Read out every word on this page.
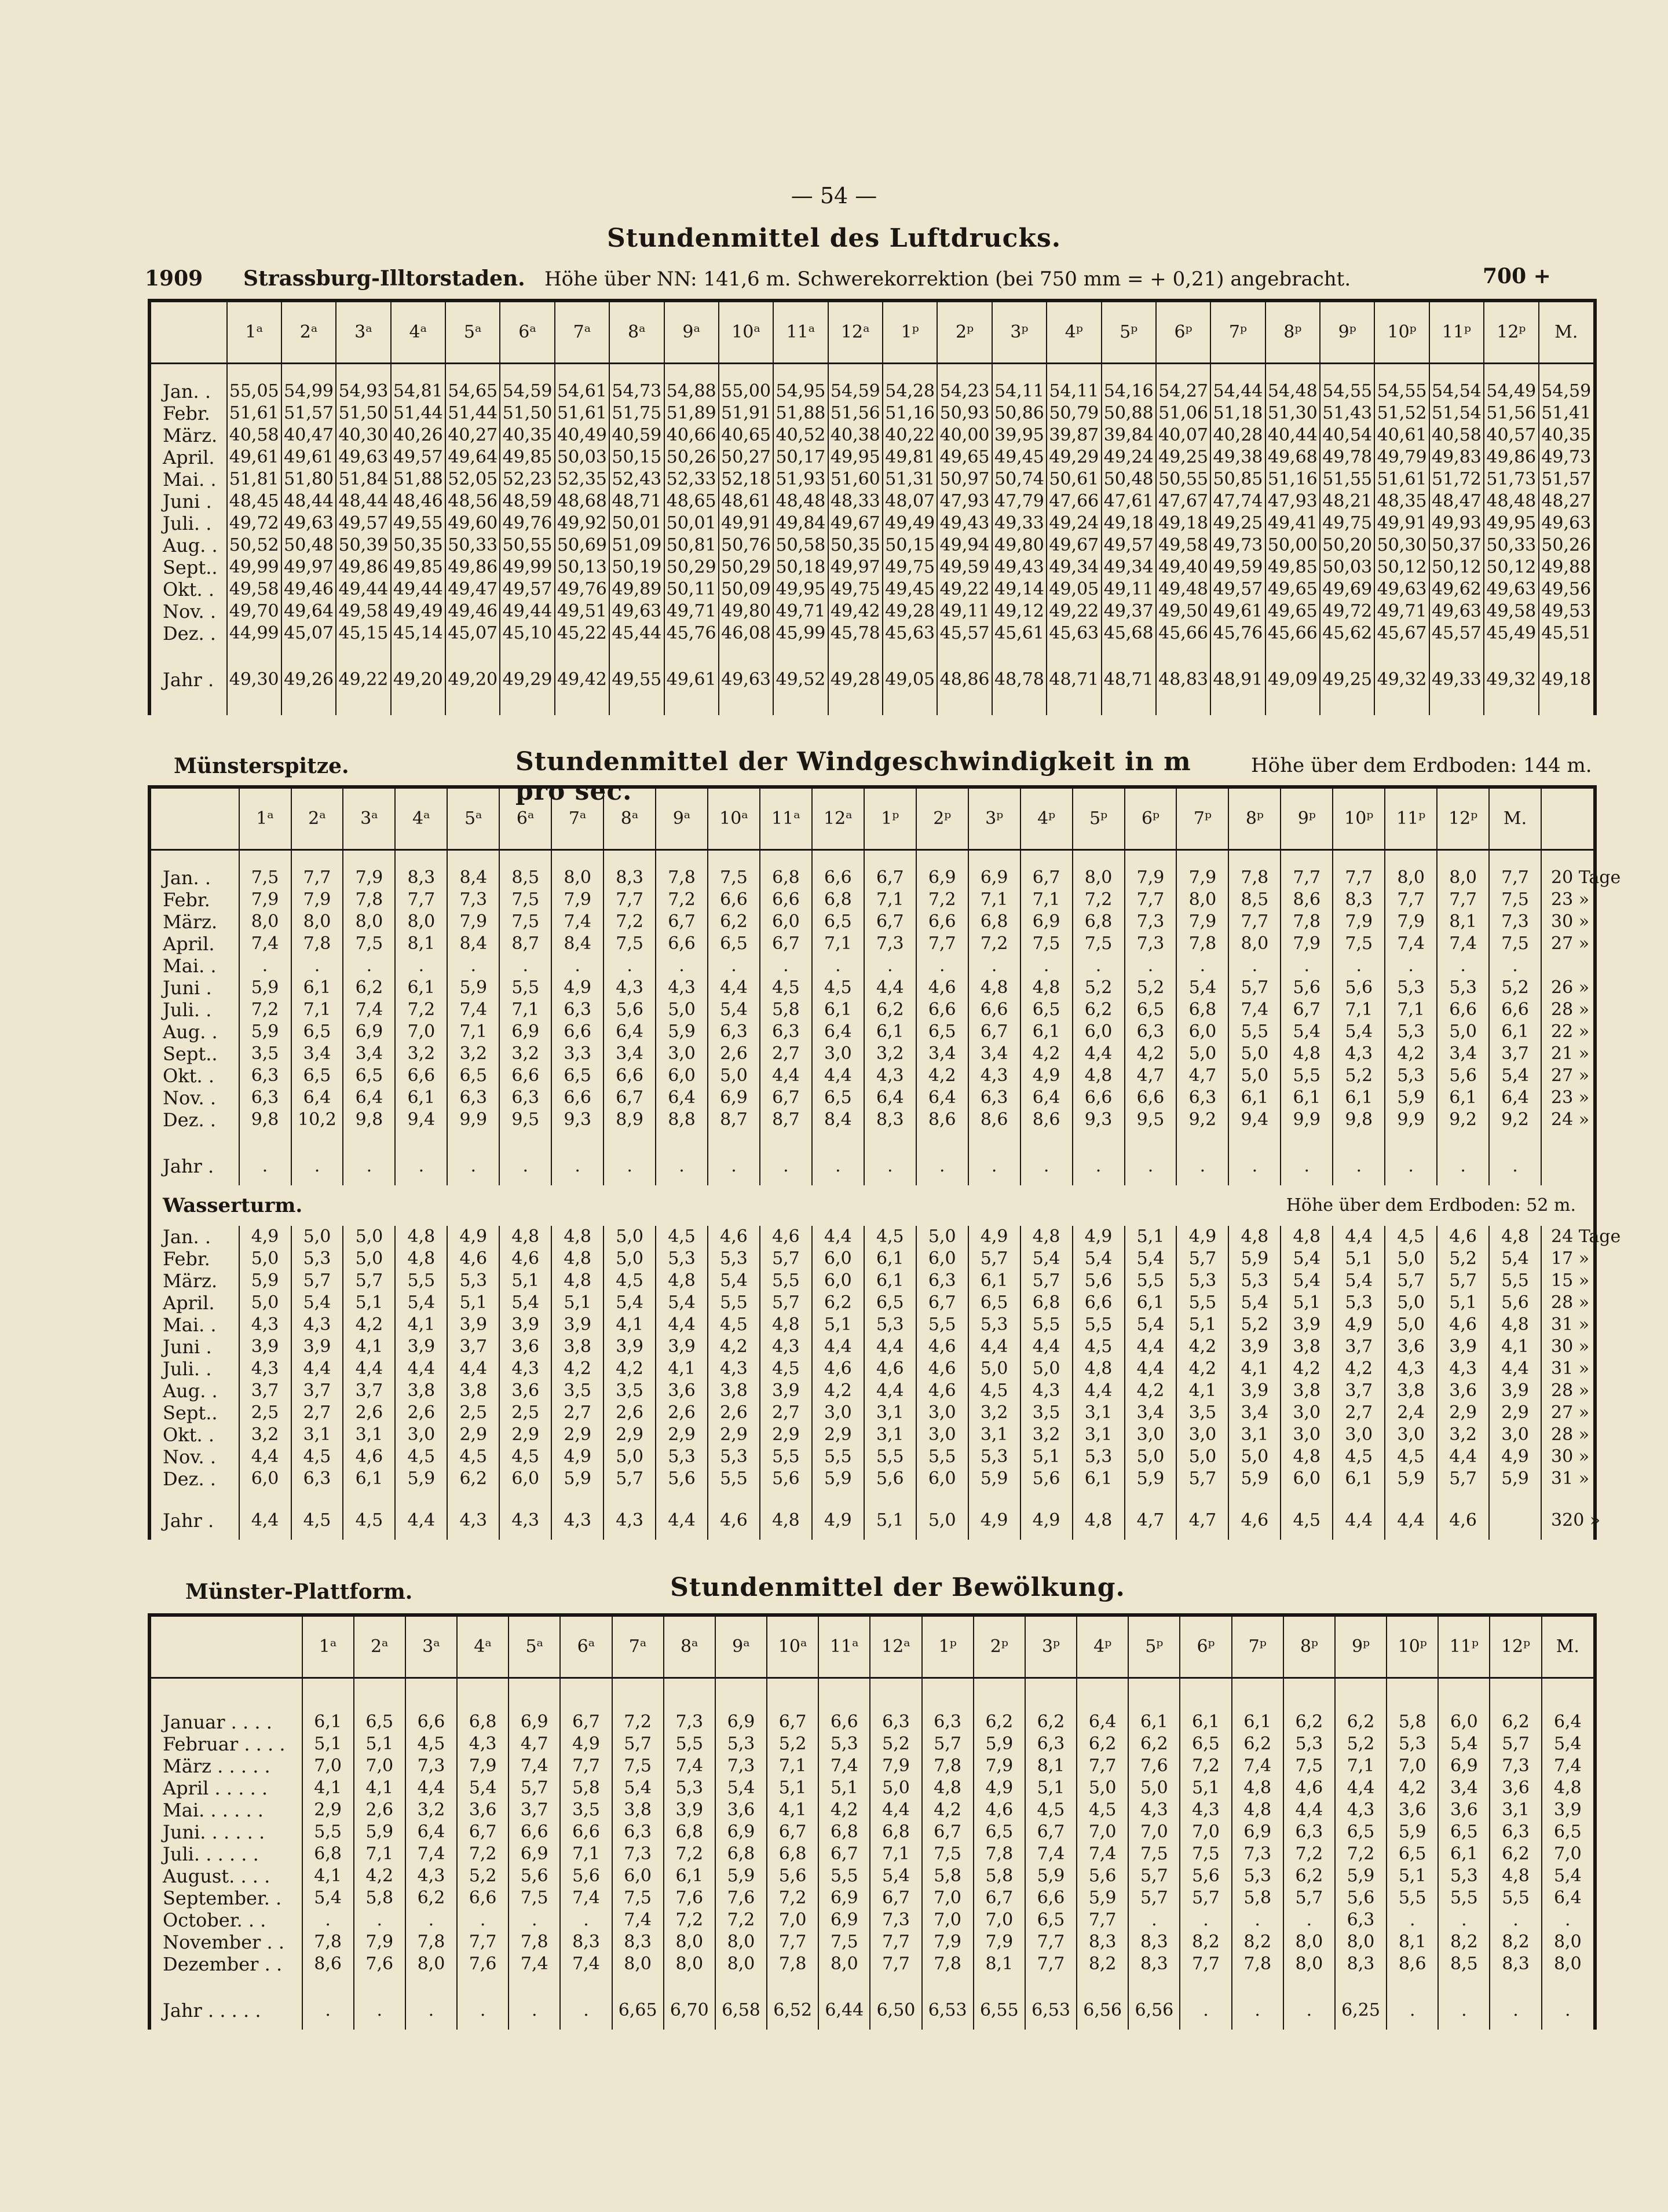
— 54 —
Stundenmittel des Luftdrucks.
1909 Strassburg-Illtorstaden. Höhe über NN: 141,6 m. Schwerekorrektion (bei 750 mm = + 0,21) angebracht.	700 +
	1ᵃ	2ᵃ	3ᵃ	4ᵃ	5ᵃ	6ᵃ	7ᵃ	8ᵃ	9ᵃ	10ᵃ	11ᵃ	12ᵃ	1ᵖ	2ᵖ	3ᵖ	4ᵖ	5ᵖ	6ᵖ	7ᵖ	8ᵖ	9ᵖ	10ᵖ	11ᵖ	12ᵖ	M.

Jan. .	55,05	54,99	54,93	54,81	54,65	54,59	54,61	54,73	54,88	55,00	54,95	54,59	54,28	54,23	54,11	54,11	54,16	54,27	54,44	54,48	54,55	54,55	54,54	54,49	54,59
Febr.	51,61	51,57	51,50	51,44	51,44	51,50	51,61	51,75	51,89	51,91	51,88	51,56	51,16	50,93	50,86	50,79	50,88	51,06	51,18	51,30	51,43	51,52	51,54	51,56	51,41
März.	40,58	40,47	40,30	40,26	40,27	40,35	40,49	40,59	40,66	40,65	40,52	40,38	40,22	40,00	39,95	39,87	39,84	40,07	40,28	40,44	40,54	40,61	40,58	40,57	40,35
April.	49,61	49,61	49,63	49,57	49,64	49,85	50,03	50,15	50,26	50,27	50,17	49,95	49,81	49,65	49,45	49,29	49,24	49,25	49,38	49,68	49,78	49,79	49,83	49,86	49,73
Mai. .	51,81	51,80	51,84	51,88	52,05	52,23	52,35	52,43	52,33	52,18	51,93	51,60	51,31	50,97	50,74	50,61	50,48	50,55	50,85	51,16	51,55	51,61	51,72	51,73	51,57
Juni .	48,45	48,44	48,44	48,46	48,56	48,59	48,68	48,71	48,65	48,61	48,48	48,33	48,07	47,93	47,79	47,66	47,61	47,67	47,74	47,93	48,21	48,35	48,47	48,48	48,27
Juli. .	49,72	49,63	49,57	49,55	49,60	49,76	49,92	50,01	50,01	49,91	49,84	49,67	49,49	49,43	49,33	49,24	49,18	49,18	49,25	49,41	49,75	49,91	49,93	49,95	49,63
Aug. .	50,52	50,48	50,39	50,35	50,33	50,55	50,69	51,09	50,81	50,76	50,58	50,35	50,15	49,94	49,80	49,67	49,57	49,58	49,73	50,00	50,20	50,30	50,37	50,33	50,26
Sept..	49,99	49,97	49,86	49,85	49,86	49,99	50,13	50,19	50,29	50,29	50,18	49,97	49,75	49,59	49,43	49,34	49,34	49,40	49,59	49,85	50,03	50,12	50,12	50,12	49,88
Okt. .	49,58	49,46	49,44	49,44	49,47	49,57	49,76	49,89	50,11	50,09	49,95	49,75	49,45	49,22	49,14	49,05	49,11	49,48	49,57	49,65	49,69	49,63	49,62	49,63	49,56
Nov. .	49,70	49,64	49,58	49,49	49,46	49,44	49,51	49,63	49,71	49,80	49,71	49,42	49,28	49,11	49,12	49,22	49,37	49,50	49,61	49,65	49,72	49,71	49,63	49,58	49,53
Dez. .	44,99	45,07	45,15	45,14	45,07	45,10	45,22	45,44	45,76	46,08	45,99	45,78	45,63	45,57	45,61	45,63	45,68	45,66	45,76	45,66	45,62	45,67	45,57	45,49	45,51

Jahr .	49,30	49,26	49,22	49,20	49,20	49,29	49,42	49,55	49,61	49,63	49,52	49,28	49,05	48,86	48,78	48,71	48,71	48,83	48,91	49,09	49,25	49,32	49,33	49,32	49,18

Münsterspitze.	Stundenmittel der Windgeschwindigkeit in m pro sec.
Höhe über dem Erdboden: 144 m.
	1ᵃ	2ᵃ	3ᵃ	4ᵃ	5ᵃ	6ᵃ	7ᵃ	8ᵃ	9ᵃ	10ᵃ	11ᵃ	12ᵃ	1ᵖ	2ᵖ	3ᵖ	4ᵖ	5ᵖ	6ᵖ	7ᵖ	8ᵖ	9ᵖ	10ᵖ	11ᵖ	12ᵖ	M.	

Jan. .	7,5	7,7	7,9	8,3	8,4	8,5	8,0	8,3	7,8	7,5	6,8	6,6	6,7	6,9	6,9	6,7	8,0	7,9	7,9	7,8	7,7	7,7	8,0	8,0	7,7	20 Tage
Febr.	7,9	7,9	7,8	7,7	7,3	7,5	7,9	7,7	7,2	6,6	6,6	6,8	7,1	7,2	7,1	7,1	7,2	7,7	8,0	8,5	8,6	8,3	7,7	7,7	7,5	23 »
März.	8,0	8,0	8,0	8,0	7,9	7,5	7,4	7,2	6,7	6,2	6,0	6,5	6,7	6,6	6,8	6,9	6,8	7,3	7,9	7,7	7,8	7,9	7,9	8,1	7,3	30 »
April.	7,4	7,8	7,5	8,1	8,4	8,7	8,4	7,5	6,6	6,5	6,7	7,1	7,3	7,7	7,2	7,5	7,5	7,3	7,8	8,0	7,9	7,5	7,4	7,4	7,5	27 »
Mai. .	.	.	.	.	.	.	.	.	.	.	.	.	.	.	.	.	.	.	.	.	.	.	.	.	.	
Juni .	5,9	6,1	6,2	6,1	5,9	5,5	4,9	4,3	4,3	4,4	4,5	4,5	4,4	4,6	4,8	4,8	5,2	5,2	5,4	5,7	5,6	5,6	5,3	5,3	5,2	26 »
Juli. .	7,2	7,1	7,4	7,2	7,4	7,1	6,3	5,6	5,0	5,4	5,8	6,1	6,2	6,6	6,6	6,5	6,2	6,5	6,8	7,4	6,7	7,1	7,1	6,6	6,6	28 »
Aug. .	5,9	6,5	6,9	7,0	7,1	6,9	6,6	6,4	5,9	6,3	6,3	6,4	6,1	6,5	6,7	6,1	6,0	6,3	6,0	5,5	5,4	5,4	5,3	5,0	6,1	22 »
Sept..	3,5	3,4	3,4	3,2	3,2	3,2	3,3	3,4	3,0	2,6	2,7	3,0	3,2	3,4	3,4	4,2	4,4	4,2	5,0	5,0	4,8	4,3	4,2	3,4	3,7	21 »
Okt. .	6,3	6,5	6,5	6,6	6,5	6,6	6,5	6,6	6,0	5,0	4,4	4,4	4,3	4,2	4,3	4,9	4,8	4,7	4,7	5,0	5,5	5,2	5,3	5,6	5,4	27 »
Nov. .	6,3	6,4	6,4	6,1	6,3	6,3	6,6	6,7	6,4	6,9	6,7	6,5	6,4	6,4	6,3	6,4	6,6	6,6	6,3	6,1	6,1	6,1	5,9	6,1	6,4	23 »
Dez. .	9,8	10,2	9,8	9,4	9,9	9,5	9,3	8,9	8,8	8,7	8,7	8,4	8,3	8,6	8,6	8,6	9,3	9,5	9,2	9,4	9,9	9,8	9,9	9,2	9,2	24 »

Jahr .	.	.	.	.	.	.	.	.	.	.	.	.	.	.	.	.	.	.	.	.	.	.	.	.	.	
Wasserturm.										Höhe über dem Erdboden: 52 m.																
Jan. .	4,9	5,0	5,0	4,8	4,9	4,8	4,8	5,0	4,5	4,6	4,6	4,4	4,5	5,0	4,9	4,8	4,9	5,1	4,9	4,8	4,8	4,4	4,5	4,6	4,8	24 Tage
Febr.	5,0	5,3	5,0	4,8	4,6	4,6	4,8	5,0	5,3	5,3	5,7	6,0	6,1	6,0	5,7	5,4	5,4	5,4	5,7	5,9	5,4	5,1	5,0	5,2	5,4	17 »
März.	5,9	5,7	5,7	5,5	5,3	5,1	4,8	4,5	4,8	5,4	5,5	6,0	6,1	6,3	6,1	5,7	5,6	5,5	5,3	5,3	5,4	5,4	5,7	5,7	5,5	15 »
April.	5,0	5,4	5,1	5,4	5,1	5,4	5,1	5,4	5,4	5,5	5,7	6,2	6,5	6,7	6,5	6,8	6,6	6,1	5,5	5,4	5,1	5,3	5,0	5,1	5,6	28 »
Mai. .	4,3	4,3	4,2	4,1	3,9	3,9	3,9	4,1	4,4	4,5	4,8	5,1	5,3	5,5	5,3	5,5	5,5	5,4	5,1	5,2	3,9	4,9	5,0	4,6	4,8	31 »
Juni .	3,9	3,9	4,1	3,9	3,7	3,6	3,8	3,9	3,9	4,2	4,3	4,4	4,4	4,6	4,4	4,4	4,5	4,4	4,2	3,9	3,8	3,7	3,6	3,9	4,1	30 »
Juli. .	4,3	4,4	4,4	4,4	4,4	4,3	4,2	4,2	4,1	4,3	4,5	4,6	4,6	4,6	5,0	5,0	4,8	4,4	4,2	4,1	4,2	4,2	4,3	4,3	4,4	31 »
Aug. .	3,7	3,7	3,7	3,8	3,8	3,6	3,5	3,5	3,6	3,8	3,9	4,2	4,4	4,6	4,5	4,3	4,4	4,2	4,1	3,9	3,8	3,7	3,8	3,6	3,9	28 »
Sept..	2,5	2,7	2,6	2,6	2,5	2,5	2,7	2,6	2,6	2,6	2,7	3,0	3,1	3,0	3,2	3,5	3,1	3,4	3,5	3,4	3,0	2,7	2,4	2,9	2,9	27 »
Okt. .	3,2	3,1	3,1	3,0	2,9	2,9	2,9	2,9	2,9	2,9	2,9	2,9	3,1	3,0	3,1	3,2	3,1	3,0	3,0	3,1	3,0	3,0	3,0	3,2	3,0	28 »
Nov. .	4,4	4,5	4,6	4,5	4,5	4,5	4,9	5,0	5,3	5,3	5,5	5,5	5,5	5,5	5,3	5,1	5,3	5,0	5,0	5,0	4,8	4,5	4,5	4,4	4,9	30 »
Dez. .	6,0	6,3	6,1	5,9	6,2	6,0	5,9	5,7	5,6	5,5	5,6	5,9	5,6	6,0	5,9	5,6	6,1	5,9	5,7	5,9	6,0	6,1	5,9	5,7	5,9	31 »

Jahr .	4,4	4,5	4,5	4,4	4,3	4,3	4,3	4,3	4,4	4,6	4,8	4,9	5,1	5,0	4,9	4,9	4,8	4,7	4,7	4,6	4,5	4,4	4,4	4,6		320 »
Münster-Plattform.	Stundenmittel der Bewölkung.
	1ᵃ	2ᵃ	3ᵃ	4ᵃ	5ᵃ	6ᵃ	7ᵃ	8ᵃ	9ᵃ	10ᵃ	11ᵃ	12ᵃ	1ᵖ	2ᵖ	3ᵖ	4ᵖ	5ᵖ	6ᵖ	7ᵖ	8ᵖ	9ᵖ	10ᵖ	11ᵖ	12ᵖ	M.

Januar . . . .	6,1	6,5	6,6	6,8	6,9	6,7	7,2	7,3	6,9	6,7	6,6	6,3	6,3	6,2	6,2	6,4	6,1	6,1	6,1	6,2	6,2	5,8	6,0	6,2	6,4
Februar . . . .	5,1	5,1	4,5	4,3	4,7	4,9	5,7	5,5	5,3	5,2	5,3	5,2	5,7	5,9	6,3	6,2	6,2	6,5	6,2	5,3	5,2	5,3	5,4	5,7	5,4
März . . . . .	7,0	7,0	7,3	7,9	7,4	7,7	7,5	7,4	7,3	7,1	7,4	7,9	7,8	7,9	8,1	7,7	7,6	7,2	7,4	7,5	7,1	7,0	6,9	7,3	7,4
April . . . . .	4,1	4,1	4,4	5,4	5,7	5,8	5,4	5,3	5,4	5,1	5,1	5,0	4,8	4,9	5,1	5,0	5,0	5,1	4,8	4,6	4,4	4,2	3,4	3,6	4,8
Mai. . . . . .	2,9	2,6	3,2	3,6	3,7	3,5	3,8	3,9	3,6	4,1	4,2	4,4	4,2	4,6	4,5	4,5	4,3	4,3	4,8	4,4	4,3	3,6	3,6	3,1	3,9
Juni. . . . . .	5,5	5,9	6,4	6,7	6,6	6,6	6,3	6,8	6,9	6,7	6,8	6,8	6,7	6,5	6,7	7,0	7,0	7,0	6,9	6,3	6,5	5,9	6,5	6,3	6,5
Juli. . . . . .	6,8	7,1	7,4	7,2	6,9	7,1	7,3	7,2	6,8	6,8	6,7	7,1	7,5	7,8	7,4	7,4	7,5	7,5	7,3	7,2	7,2	6,5	6,1	6,2	7,0
August. . . .	4,1	4,2	4,3	5,2	5,6	5,6	6,0	6,1	5,9	5,6	5,5	5,4	5,8	5,8	5,9	5,6	5,7	5,6	5,3	6,2	5,9	5,1	5,3	4,8	5,4
September. .	5,4	5,8	6,2	6,6	7,5	7,4	7,5	7,6	7,6	7,2	6,9	6,7	7,0	6,7	6,6	5,9	5,7	5,7	5,8	5,7	5,6	5,5	5,5	5,5	6,4
October. . .	.	.	.	.	.	.	7,4	7,2	7,2	7,0	6,9	7,3	7,0	7,0	6,5	7,7	.	.	.	.	6,3	.	.	.	.
November . .	7,8	7,9	7,8	7,7	7,8	8,3	8,3	8,0	8,0	7,7	7,5	7,7	7,9	7,9	7,7	8,3	8,3	8,2	8,2	8,0	8,0	8,1	8,2	8,2	8,0
Dezember . .	8,6	7,6	8,0	7,6	7,4	7,4	8,0	8,0	8,0	7,8	8,0	7,7	7,8	8,1	7,7	8,2	8,3	7,7	7,8	8,0	8,3	8,6	8,5	8,3	8,0

Jahr . . . . .	.	.	.	.	.	.	6,65	6,70	6,58	6,52	6,44	6,50	6,53	6,55	6,53	6,56	6,56	.	.	.	6,25	.	.	.	.
